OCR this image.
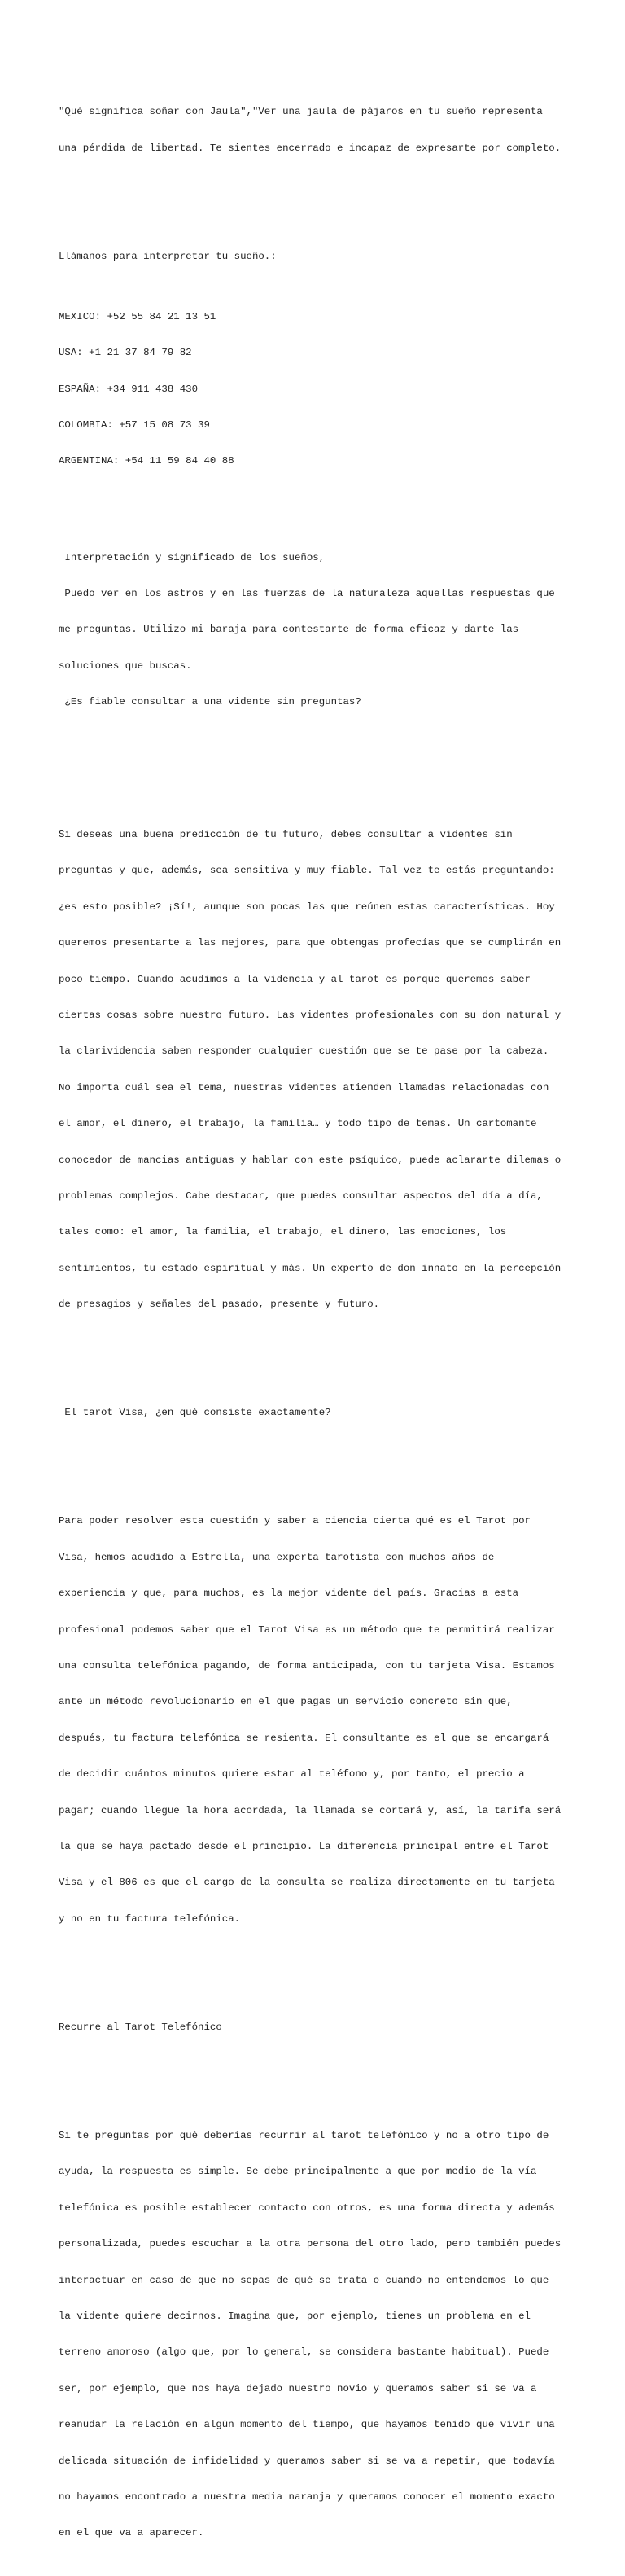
"Qué significa soñar con Jaula","Ver una jaula de pájaros en tu sueño representa

una pérdida de libertad. Te sientes encerrado e incapaz de expresarte por completo.

Llámanos para interpretar tu sueño.:

MEXICO: +52 55 84 21 13 51

USA: +1 21 37 84 79 82

ESPAÑA: +34 911 438 430

COLOMBIA: +57 15 08 73 39

ARGENTINA: +54 11 59 84 40 88

Interpretación y significado de los sueños,

Puedo ver en los astros y en las fuerzas de la naturaleza aquellas respuestas que

me preguntas. Utilizo mi baraja para contestarte de forma eficaz y darte las

soluciones que buscas.

¿Es fiable consultar a una vidente sin preguntas?

Si deseas una buena predicción de tu futuro, debes consultar a videntes sin

preguntas y que, además, sea sensitiva y muy fiable. Tal vez te estás preguntando:

¿es esto posible? ¡Sí!, aunque son pocas las que reúnen estas características. Hoy

queremos presentarte a las mejores, para que obtengas profecías que se cumplirán en

poco tiempo. Cuando acudimos a la videncia y al tarot es porque queremos saber

ciertas cosas sobre nuestro futuro. Las videntes profesionales con su don natural y

la clarividencia saben responder cualquier cuestión que se te pase por la cabeza.

No importa cuál sea el tema, nuestras videntes atienden llamadas relacionadas con

el amor, el dinero, el trabajo, la familia… y todo tipo de temas. Un cartomante

conocedor de mancias antiguas y hablar con este psíquico, puede aclararte dilemas o

problemas complejos. Cabe destacar, que puedes consultar aspectos del día a día,

tales como: el amor, la familia, el trabajo, el dinero, las emociones, los

sentimientos, tu estado espiritual y más. Un experto de don innato en la percepción

de presagios y señales del pasado, presente y futuro.

El tarot Visa, ¿en qué consiste exactamente?

Para poder resolver esta cuestión y saber a ciencia cierta qué es el Tarot por

Visa, hemos acudido a Estrella, una experta tarotista con muchos años de

experiencia y que, para muchos, es la mejor vidente del país. Gracias a esta

profesional podemos saber que el Tarot Visa es un método que te permitirá realizar

una consulta telefónica pagando, de forma anticipada, con tu tarjeta Visa. Estamos

ante un método revolucionario en el que pagas un servicio concreto sin que,

después, tu factura telefónica se resienta. El consultante es el que se encargará

de decidir cuántos minutos quiere estar al teléfono y, por tanto, el precio a

pagar; cuando llegue la hora acordada, la llamada se cortará y, así, la tarifa será

la que se haya pactado desde el principio. La diferencia principal entre el Tarot

Visa y el 806 es que el cargo de la consulta se realiza directamente en tu tarjeta

y no en tu factura telefónica.

Recurre al Tarot Telefónico

Si te preguntas por qué deberías recurrir al tarot telefónico y no a otro tipo de

ayuda, la respuesta es simple. Se debe principalmente a que por medio de la vía

telefónica es posible establecer contacto con otros, es una forma directa y además

personalizada, puedes escuchar a la otra persona del otro lado, pero también puedes

interactuar en caso de que no sepas de qué se trata o cuando no entendemos lo que

la vidente quiere decirnos. Imagina que, por ejemplo, tienes un problema en el

terreno amoroso (algo que, por lo general, se considera bastante habitual). Puede

ser, por ejemplo, que nos haya dejado nuestro novio y queramos saber si se va a

reanudar la relación en algún momento del tiempo, que hayamos tenido que vivir una

delicada situación de infidelidad y queramos saber si se va a repetir, que todavía

no hayamos encontrado a nuestra media naranja y queramos conocer el momento exacto

en el que va a aparecer.
